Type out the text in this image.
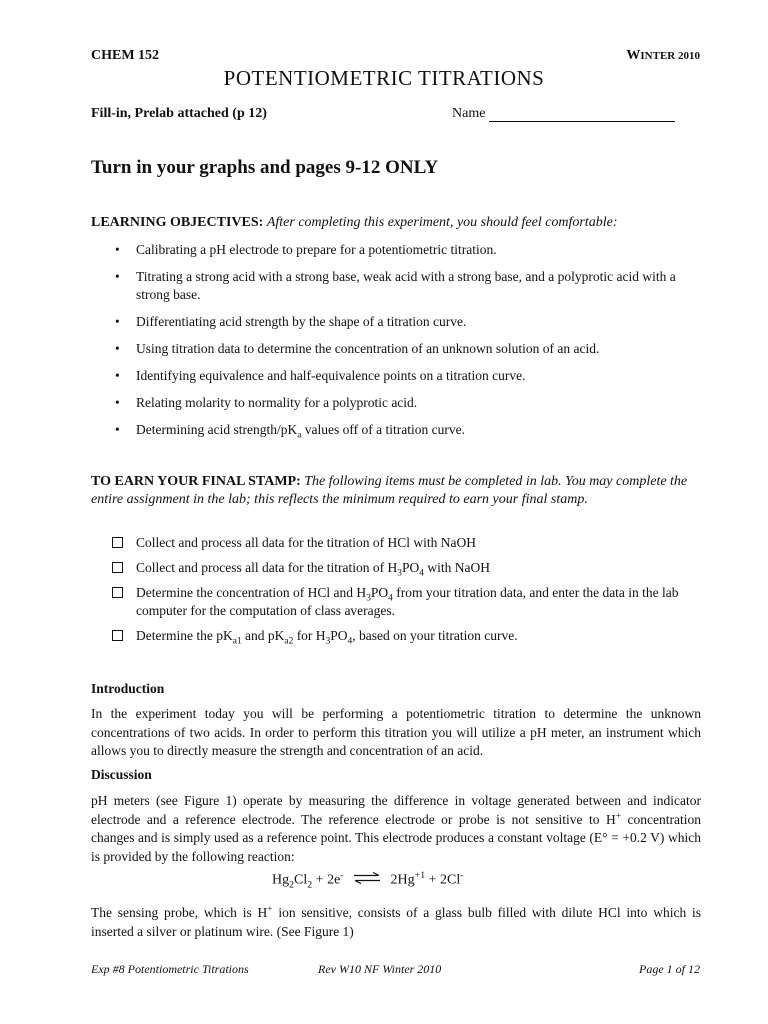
CHEM 152	WINTER 2010
POTENTIOMETRIC TITRATIONS
Fill-in, Prelab attached (p 12)	Name
Turn in your graphs and pages 9-12 ONLY
LEARNING OBJECTIVES: After completing this experiment, you should feel comfortable:
• Calibrating a pH electrode to prepare for a potentiometric titration.
• Titrating a strong acid with a strong base, weak acid with a strong base, and a polyprotic acid with a strong base.
• Differentiating acid strength by the shape of a titration curve.
• Using titration data to determine the concentration of an unknown solution of an acid.
• Identifying equivalence and half-equivalence points on a titration curve.
• Relating molarity to normality for a polyprotic acid.
• Determining acid strength/$pK_a$ values off of a titration curve.
TO EARN YOUR FINAL STAMP: The following items must be completed in lab. You may complete the entire assignment in the lab; this reflects the minimum required to earn your final stamp.
Collect and process all data for the titration of HCl with NaOH
Collect and process all data for the titration of $H_3PO_4$ with NaOH
Determine the concentration of HCl and $H_3PO_4$ from your titration data, and enter the data in the lab computer for the computation of class averages.
Determine the $pK_{a1}$ and $pK_{a2}$ for $H_3PO_4$, based on your titration curve.
Introduction
In the experiment today you will be performing a potentiometric titration to determine the unknown concentrations of two acids. In order to perform this titration you will utilize a pH meter, an instrument which allows you to directly measure the strength and concentration of an acid.
Discussion
pH meters (see Figure 1) operate by measuring the difference in voltage generated between and indicator electrode and a reference electrode. The reference electrode or probe is not sensitive to H+ concentration changes and is simply used as a reference point. This electrode produces a constant voltage (E° = +0.2 V) which is provided by the following reaction:
$Hg_2Cl_2 + 2e^-$ ⇌ $2Hg^{+1} + 2Cl^-$
The sensing probe, which is H+ ion sensitive, consists of a glass bulb filled with dilute HCl into which is inserted a silver or platinum wire. (See Figure 1)
Exp #8 Potentiometric Titrations	Rev W10 NF Winter 2010	Page 1 of 12
